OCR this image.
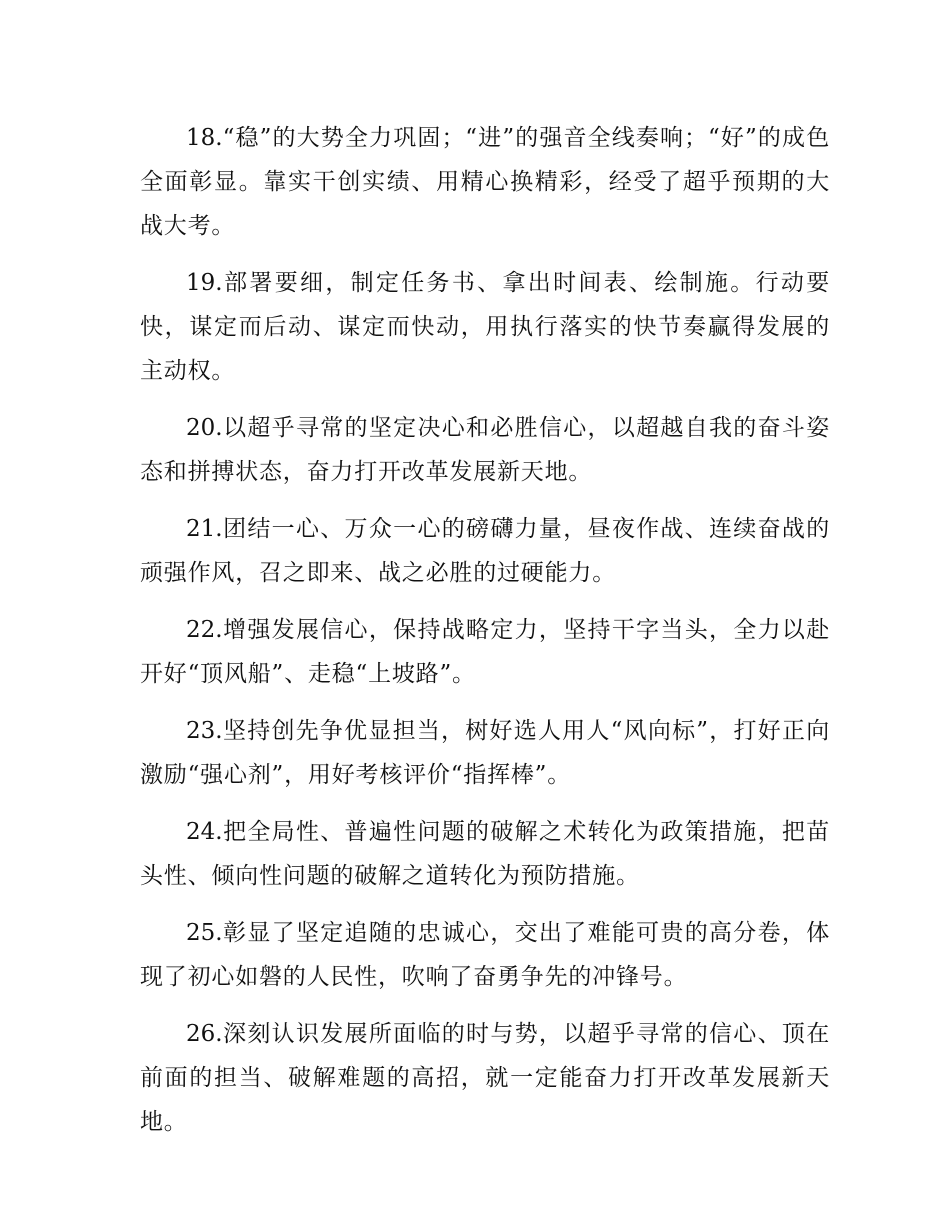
18.“稳”的大势全力巩固；“进”的强音全线奏响；“好”的成色全面彰显。靠实干创实绩、用精心换精彩，经受了超乎预期的大战大考。

19.部署要细，制定任务书、拿出时间表、绘制施。行动要快，谋定而后动、谋定而快动，用执行落实的快节奏赢得发展的主动权。

20.以超乎寻常的坚定决心和必胜信心，以超越自我的奋斗姿态和拼搏状态，奋力打开改革发展新天地。

21.团结一心、万众一心的磅礴力量，昼夜作战、连续奋战的顽强作风，召之即来、战之必胜的过硬能力。

22.增强发展信心，保持战略定力，坚持干字当头，全力以赴开好“顶风船”、走稳“上坡路”。

23.坚持创先争优显担当，树好选人用人“风向标”，打好正向激励“强心剂”，用好考核评价“指挥棒”。

24.把全局性、普遍性问题的破解之术转化为政策措施，把苗头性、倾向性问题的破解之道转化为预防措施。

25.彰显了坚定追随的忠诚心，交出了难能可贵的高分卷，体现了初心如磐的人民性，吹响了奋勇争先的冲锋号。

26.深刻认识发展所面临的时与势，以超乎寻常的信心、顶在前面的担当、破解难题的高招，就一定能奋力打开改革发展新天地。
